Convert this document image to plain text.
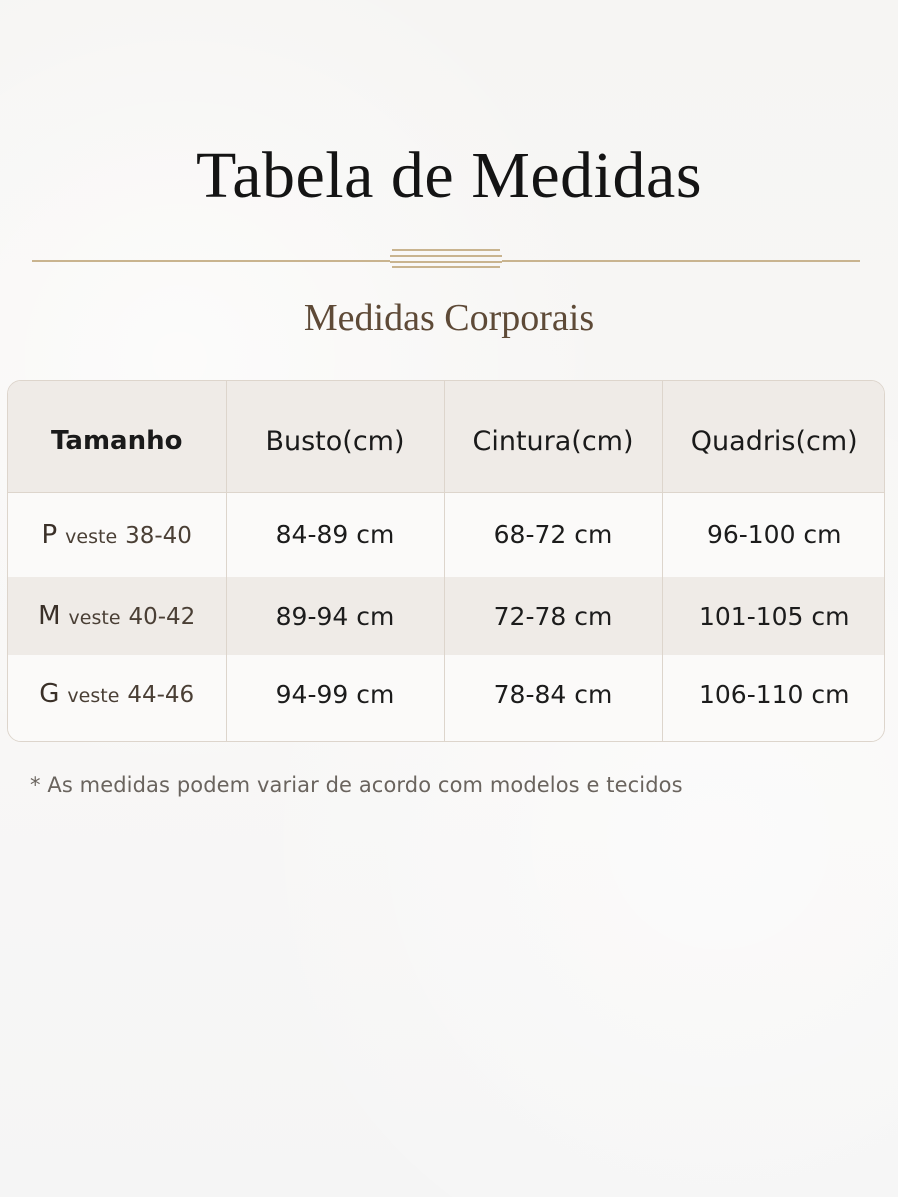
Tabela de Medidas
Medidas Corporais
Tamanho	Busto(cm)	Cintura(cm)	Quadris(cm)
P veste 38-40	84-89 cm	68-72 cm	96-100 cm
M veste 40-42	89-94 cm	72-78 cm	101-105 cm
G veste 44-46	94-99 cm	78-84 cm	106-110 cm

* As medidas podem variar de acordo com modelos e tecidos
